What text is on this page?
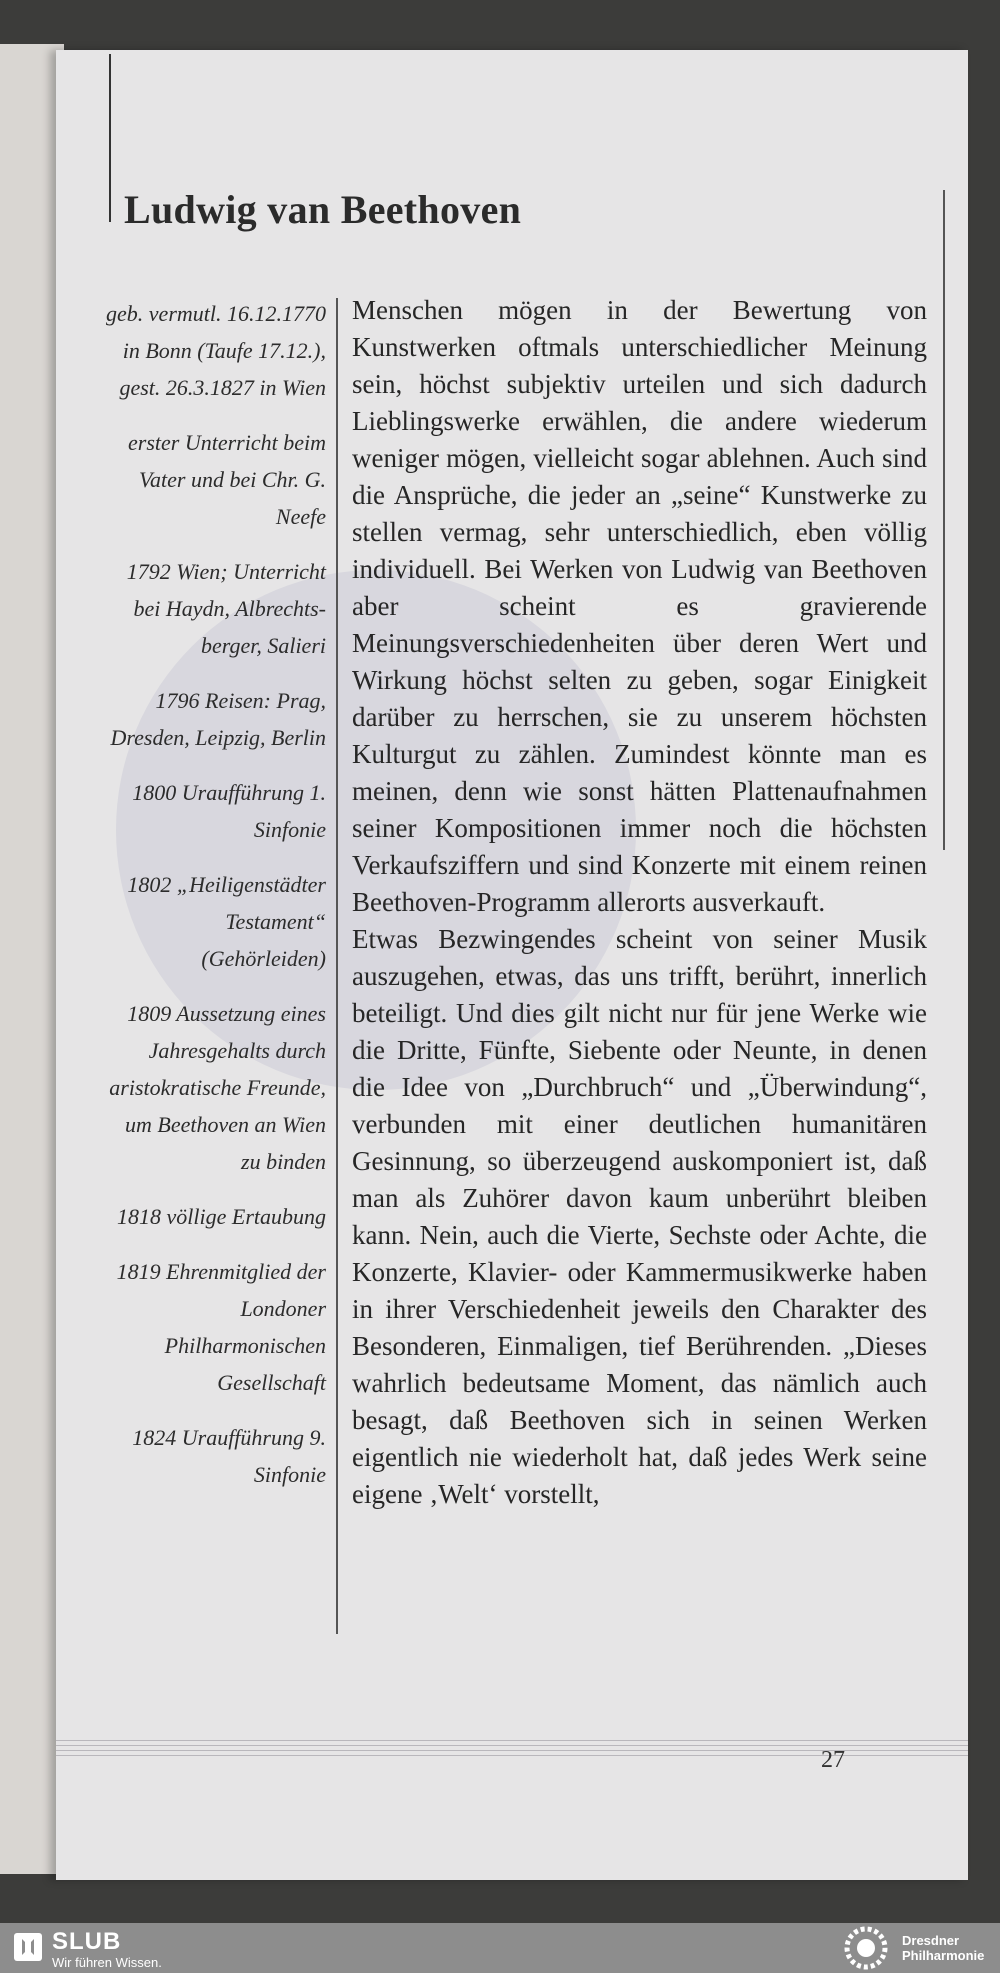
Ludwig van Beethoven
geb. vermutl. 16.12.1770 in Bonn (Taufe 17.12.), gest. 26.3.1827 in Wien
erster Unterricht beim Vater und bei Chr. G. Neefe
1792 Wien; Unterricht bei Haydn, Albrechts-berger, Salieri
1796 Reisen: Prag, Dresden, Leipzig, Berlin
1800 Uraufführung 1. Sinfonie
1802 „Heiligenstädter Testament“ (Gehörleiden)
1809 Aussetzung eines Jahresgehalts durch aristokratische Freunde, um Beethoven an Wien zu binden
1818 völlige Ertaubung
1819 Ehrenmitglied der Londoner Philharmonischen Gesellschaft
1824 Uraufführung 9. Sinfonie

Menschen mögen in der Bewertung von Kunstwerken oftmals unterschiedlicher Meinung sein, höchst subjektiv urteilen und sich dadurch Lieblingswerke erwählen, die andere wiederum weniger mögen, vielleicht sogar ablehnen. Auch sind die Ansprüche, die jeder an „seine“ Kunstwerke zu stellen vermag, sehr unterschiedlich, eben völlig individuell. Bei Werken von Ludwig van Beethoven aber scheint es gravierende Meinungsverschiedenheiten über deren Wert und Wirkung höchst selten zu geben, sogar Einigkeit darüber zu herrschen, sie zu unserem höchsten Kulturgut zu zählen. Zumindest könnte man es meinen, denn wie sonst hätten Plattenaufnahmen seiner Kompositionen immer noch die höchsten Verkaufsziffern und sind Konzerte mit einem reinen Beethoven-Programm allerorts ausverkauft.

Etwas Bezwingendes scheint von seiner Musik auszugehen, etwas, das uns trifft, berührt, innerlich beteiligt. Und dies gilt nicht nur für jene Werke wie die Dritte, Fünfte, Siebente oder Neunte, in denen die Idee von „Durchbruch“ und „Überwindung“, verbunden mit einer deutlichen humanitären Gesinnung, so überzeugend auskomponiert ist, daß man als Zuhörer davon kaum unberührt bleiben kann. Nein, auch die Vierte, Sechste oder Achte, die Konzerte, Klavier- oder Kammermusikwerke haben in ihrer Verschiedenheit jeweils den Charakter des Besonderen, Einmaligen, tief Berührenden. „Dieses wahrlich bedeutsame Moment, das nämlich auch besagt, daß Beethoven sich in seinen Werken eigentlich nie wiederholt hat, daß jedes Werk seine eigene ‚Welt‘ vorstellt,

27
SLUB
Wir führen Wissen.
Dresdner
Philharmonie
